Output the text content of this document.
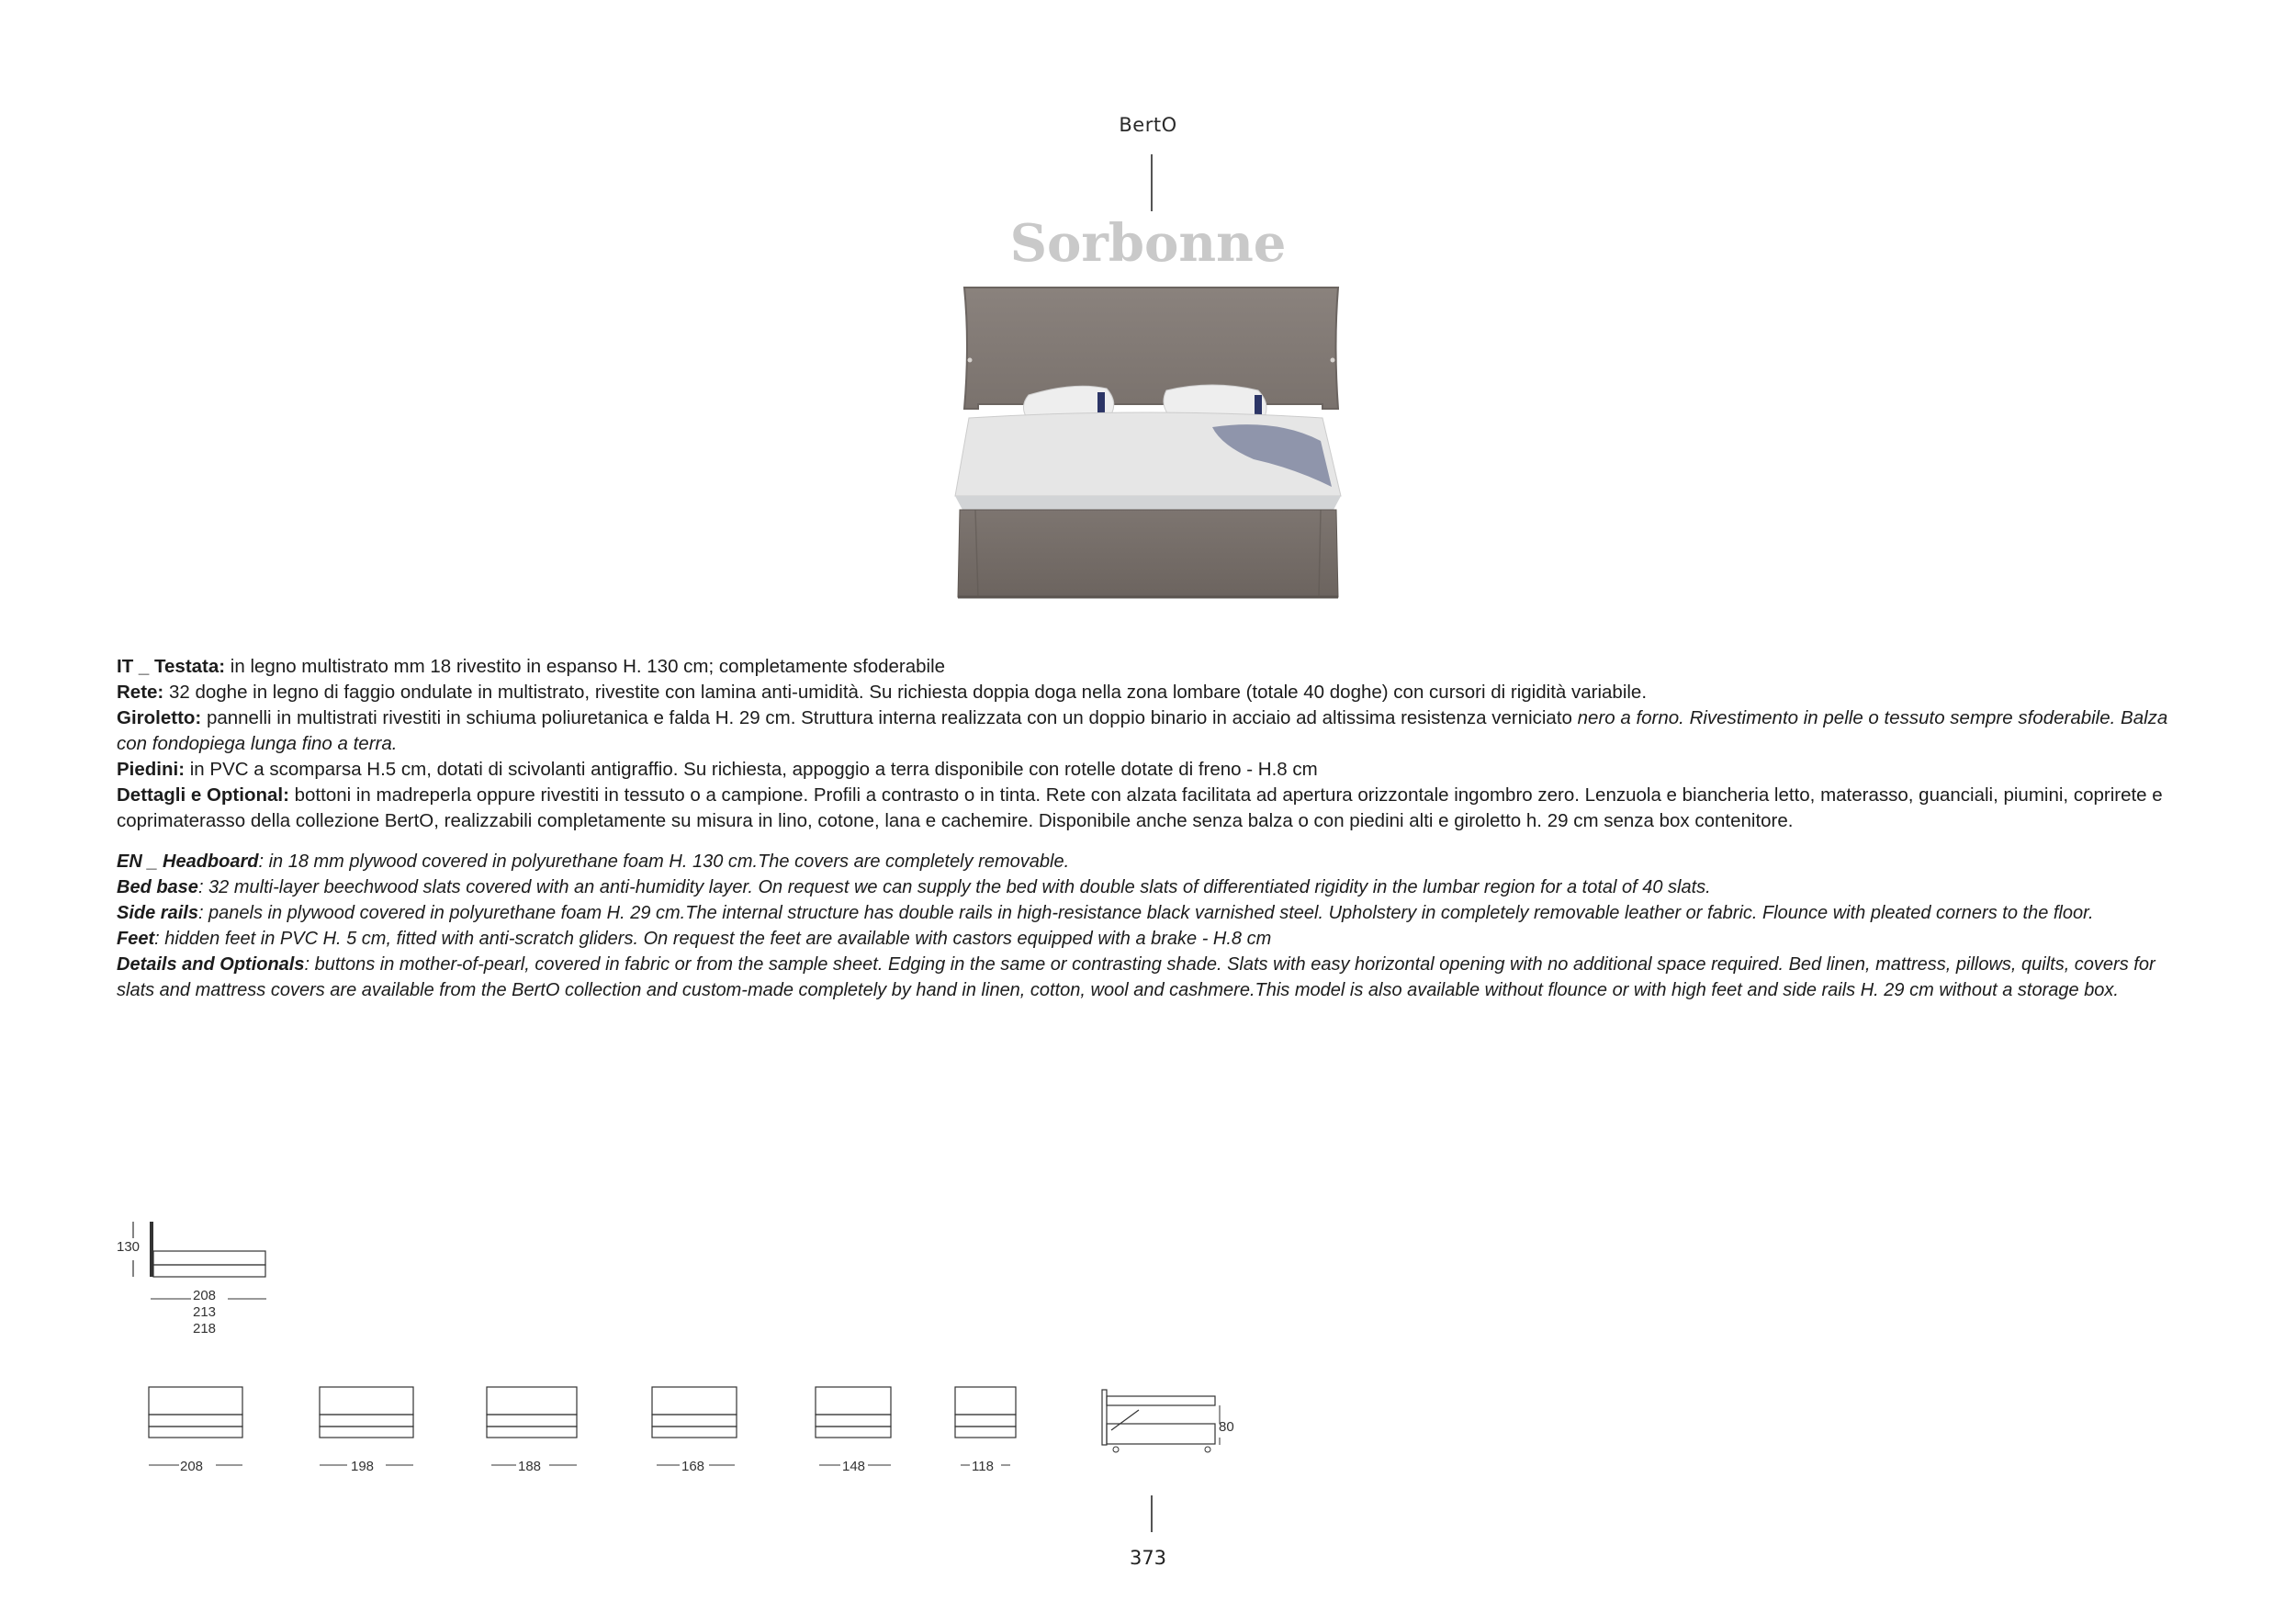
BertO
Sorbonne

IT _ Testata: in legno multistrato mm 18 rivestito in espanso H. 130 cm; completamente sfoderabile

Rete: 32 doghe in legno di faggio ondulate in multistrato, rivestite con lamina anti-umidità. Su richiesta doppia doga nella zona lombare (totale 40 doghe) con cursori di rigidità variabile.

Giroletto: pannelli in multistrati rivestiti in schiuma poliuretanica e falda H. 29 cm. Struttura interna realizzata con un doppio binario in acciaio ad altissima resistenza verniciato nero a forno. Rivestimento in pelle o tessuto sempre sfoderabile. Balza con fondopiega lunga fino a terra.

Piedini: in PVC a scomparsa H.5 cm, dotati di scivolanti antigraffio. Su richiesta, appoggio a terra disponibile con rotelle dotate di freno - H.8 cm

Dettagli e Optional: bottoni in madreperla oppure rivestiti in tessuto o a campione. Profili a contrasto o in tinta. Rete con alzata facilitata ad apertura orizzontale ingombro zero. Lenzuola e biancheria letto, materasso, guanciali, piumini, coprirete e coprimaterasso della collezione BertO, realizzabili completamente su misura in lino, cotone, lana e cachemire. Disponibile anche senza balza o con piedini alti e giroletto h. 29 cm senza box contenitore.

EN _ Headboard: in 18 mm plywood covered in polyurethane foam H. 130 cm.The covers are completely removable.

Bed base: 32 multi-layer beechwood slats covered with an anti-humidity layer. On request we can supply the bed with double slats of differentiated rigidity in the lumbar region for a total of 40 slats.

Side rails: panels in plywood covered in polyurethane foam H. 29 cm.The internal structure has double rails in high-resistance black varnished steel. Upholstery in completely removable leather or fabric. Flounce with pleated corners to the floor.

Feet: hidden feet in PVC H. 5 cm, fitted with anti-scratch gliders. On request the feet are available with castors equipped with a brake - H.8 cm

Details and Optionals: buttons in mother-of-pearl, covered in fabric or from the sample sheet. Edging in the same or contrasting shade. Slats with easy horizontal opening with no additional space required. Bed linen, mattress, pillows, quilts, covers for slats and mattress covers are available from the BertO collection and custom-made completely by hand in linen, cotton, wool and cashmere.This model is also available without flounce or with high feet and side rails H. 29 cm without a storage box.

130
208
213
218
208	198	188	168	148	118
80
373
